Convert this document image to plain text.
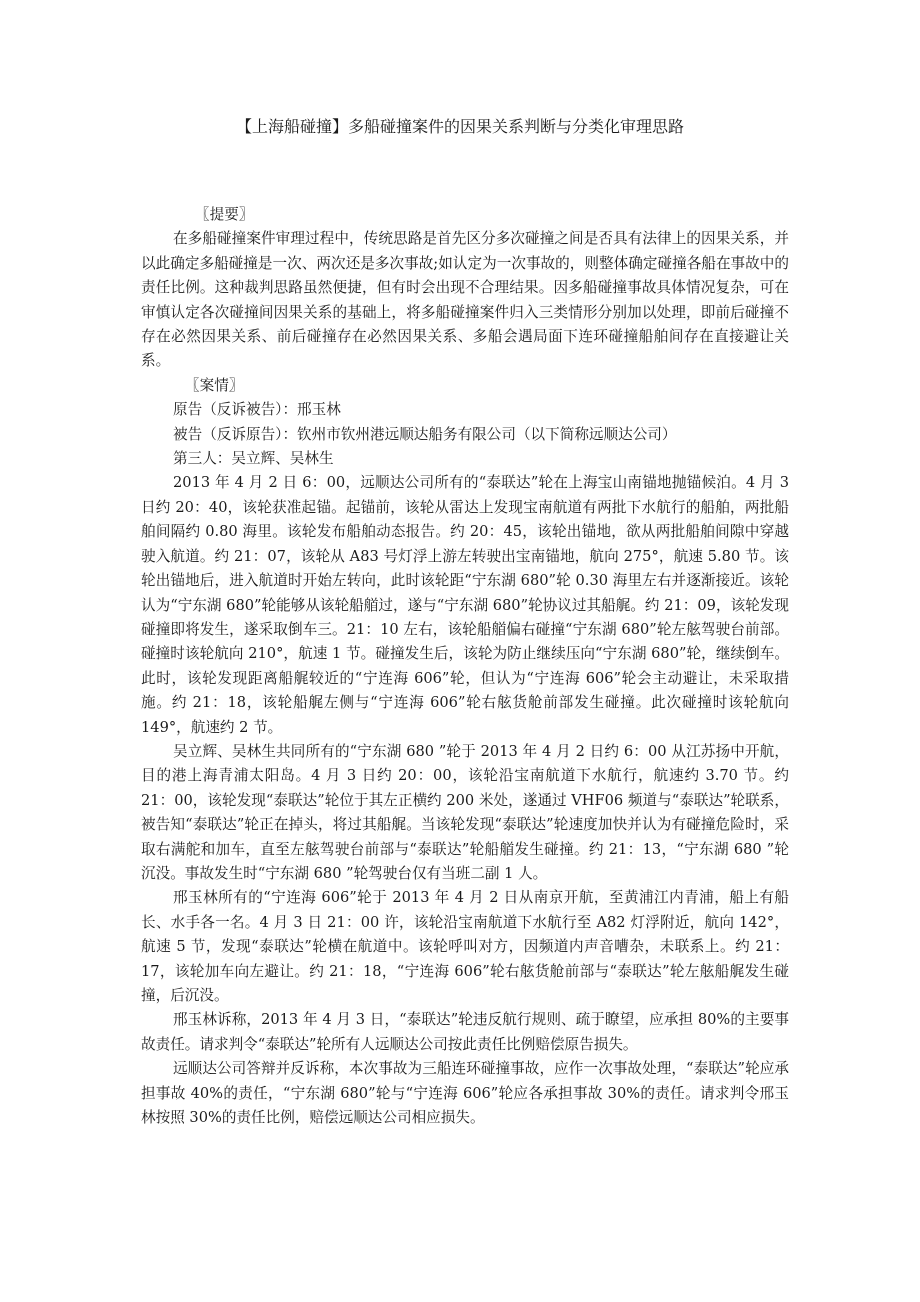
【上海船碰撞】多船碰撞案件的因果关系判断与分类化审理思路

〖提要〗

在多船碰撞案件审理过程中，传统思路是首先区分多次碰撞之间是否具有法律上的因果关系，并以此确定多船碰撞是一次、两次还是多次事故;如认定为一次事故的，则整体确定碰撞各船在事故中的责任比例。这种裁判思路虽然便捷，但有时会出现不合理结果。因多船碰撞事故具体情况复杂，可在审慎认定各次碰撞间因果关系的基础上，将多船碰撞案件归入三类情形分别加以处理，即前后碰撞不存在必然因果关系、前后碰撞存在必然因果关系、多船会遇局面下连环碰撞船舶间存在直接避让关系。

〖案情〗

原告（反诉被告）：邢玉林

被告（反诉原告）：钦州市钦州港远顺达船务有限公司（以下简称远顺达公司）

第三人：吴立辉、吴林生

2013 年 4 月 2 日 6：00，远顺达公司所有的“泰联达”轮在上海宝山南锚地抛锚候泊。4 月 3 日约 20：40，该轮获准起锚。起锚前，该轮从雷达上发现宝南航道有两批下水航行的船舶，两批船舶间隔约 0.80 海里。该轮发布船舶动态报告。约 20：45，该轮出锚地，欲从两批船舶间隙中穿越驶入航道。约 21：07，该轮从 A83 号灯浮上游左转驶出宝南锚地，航向 275°，航速 5.80 节。该轮出锚地后，进入航道时开始左转向，此时该轮距“宁东湖 680”轮 0.30 海里左右并逐渐接近。该轮认为“宁东湖 680”轮能够从该轮船艏过，遂与“宁东湖 680”轮协议过其船艉。约 21：09，该轮发现碰撞即将发生，遂采取倒车三。21：10 左右，该轮船艏偏右碰撞“宁东湖 680”轮左舷驾驶台前部。碰撞时该轮航向 210°，航速 1 节。碰撞发生后，该轮为防止继续压向“宁东湖 680”轮，继续倒车。此时，该轮发现距离船艉较近的“宁连海 606”轮，但认为“宁连海 606”轮会主动避让，未采取措施。约 21：18，该轮船艉左侧与“宁连海 606”轮右舷货舱前部发生碰撞。此次碰撞时该轮航向 149°，航速约 2 节。

吴立辉、吴林生共同所有的“宁东湖 680 ”轮于 2013 年 4 月 2 日约 6：00 从江苏扬中开航，目的港上海青浦太阳岛。4 月 3 日约 20：00，该轮沿宝南航道下水航行，航速约 3.70 节。约 21：00，该轮发现“泰联达”轮位于其左正横约 200 米处，遂通过 VHF06 频道与“泰联达”轮联系，被告知“泰联达”轮正在掉头，将过其船艉。当该轮发现“泰联达”轮速度加快并认为有碰撞危险时，采取右满舵和加车，直至左舷驾驶台前部与“泰联达”轮船艏发生碰撞。约 21：13，“宁东湖 680 ”轮沉没。事故发生时“宁东湖 680 ”轮驾驶台仅有当班二副 1 人。

邢玉林所有的“宁连海 606”轮于 2013 年 4 月 2 日从南京开航，至黄浦江内青浦，船上有船长、水手各一名。4 月 3 日 21：00 许，该轮沿宝南航道下水航行至 A82 灯浮附近，航向 142°，航速 5 节，发现“泰联达”轮横在航道中。该轮呼叫对方，因频道内声音嘈杂，未联系上。约 21：17，该轮加车向左避让。约 21：18，“宁连海 606”轮右舷货舱前部与“泰联达”轮左舷船艉发生碰撞，后沉没。

邢玉林诉称，2013 年 4 月 3 日，“泰联达”轮违反航行规则、疏于瞭望，应承担 80%的主要事故责任。请求判令“泰联达”轮所有人远顺达公司按此责任比例赔偿原告损失。

远顺达公司答辩并反诉称，本次事故为三船连环碰撞事故，应作一次事故处理，“泰联达”轮应承担事故 40%的责任，“宁东湖 680”轮与“宁连海 606”轮应各承担事故 30%的责任。请求判令邢玉林按照 30%的责任比例，赔偿远顺达公司相应损失。
